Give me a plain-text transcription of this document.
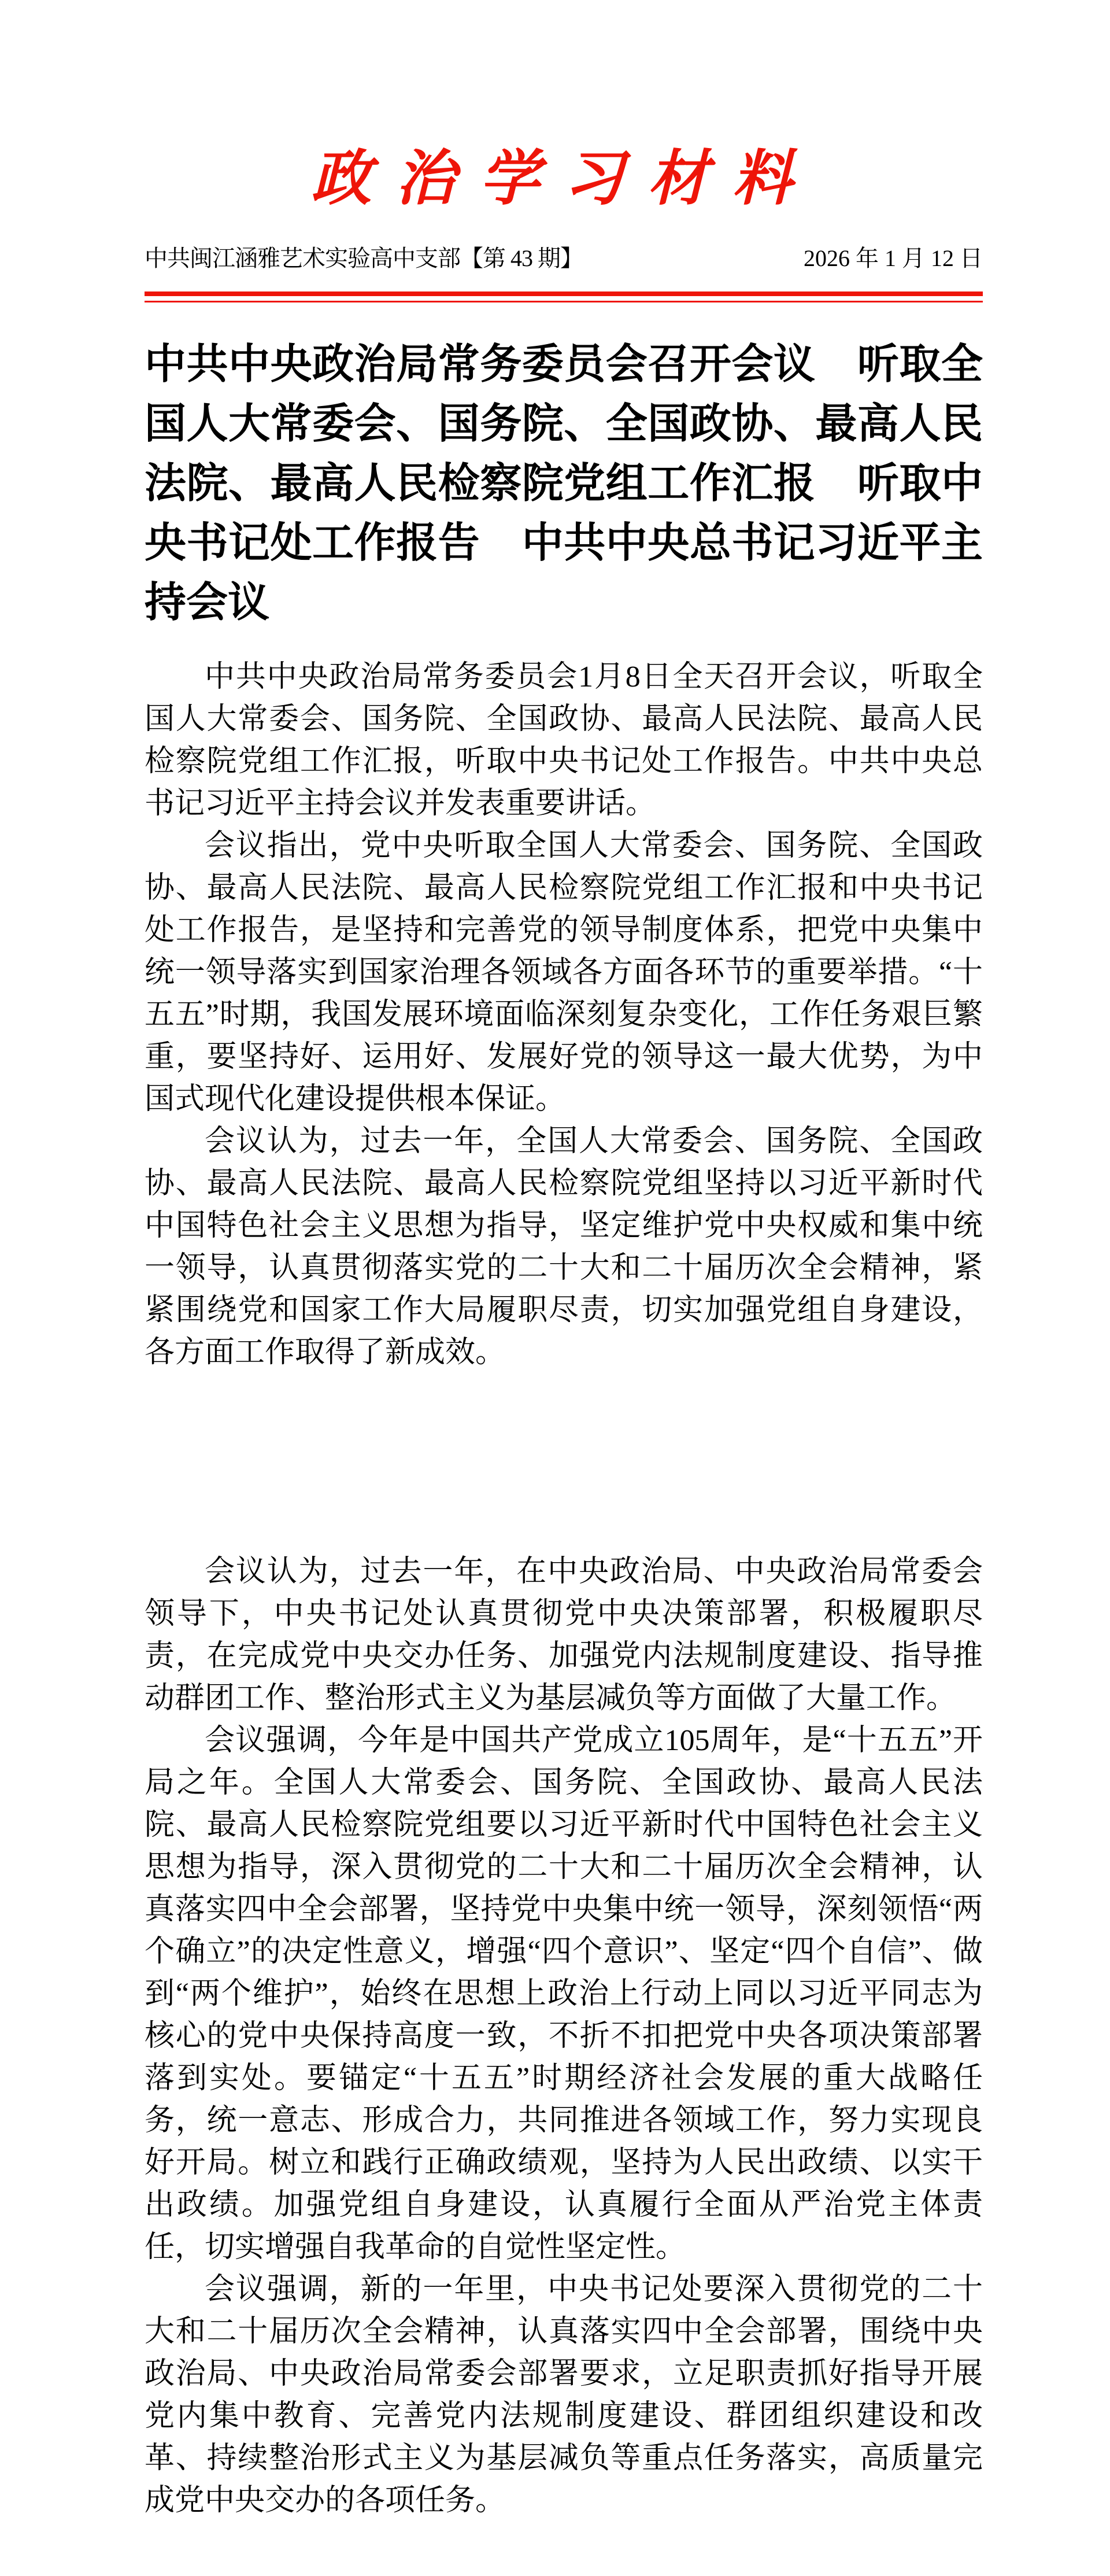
政治学习材料
中共闽江涵雅艺术实验高中支部【第 43 期】	2026 年 1 月 12 日
中共中央政治局常务委员会召开会议　听取全国人大常委会、国务院、全国政协、最高人民法院、最高人民检察院党组工作汇报　听取中央书记处工作报告　中共中央总书记习近平主持会议

中共中央政治局常务委员会1月8日全天召开会议，听取全国人大常委会、国务院、全国政协、最高人民法院、最高人民检察院党组工作汇报，听取中央书记处工作报告。中共中央总书记习近平主持会议并发表重要讲话。

会议指出，党中央听取全国人大常委会、国务院、全国政协、最高人民法院、最高人民检察院党组工作汇报和中央书记处工作报告，是坚持和完善党的领导制度体系，把党中央集中统一领导落实到国家治理各领域各方面各环节的重要举措。“十五五”时期，我国发展环境面临深刻复杂变化，工作任务艰巨繁重，要坚持好、运用好、发展好党的领导这一最大优势，为中国式现代化建设提供根本保证。

会议认为，过去一年，全国人大常委会、国务院、全国政协、最高人民法院、最高人民检察院党组坚持以习近平新时代中国特色社会主义思想为指导，坚定维护党中央权威和集中统一领导，认真贯彻落实党的二十大和二十届历次全会精神，紧紧围绕党和国家工作大局履职尽责，切实加强党组自身建设，各方面工作取得了新成效。

会议认为，过去一年，在中央政治局、中央政治局常委会领导下，中央书记处认真贯彻党中央决策部署，积极履职尽责，在完成党中央交办任务、加强党内法规制度建设、指导推动群团工作、整治形式主义为基层减负等方面做了大量工作。

会议强调，今年是中国共产党成立105周年，是“十五五”开局之年。全国人大常委会、国务院、全国政协、最高人民法院、最高人民检察院党组要以习近平新时代中国特色社会主义思想为指导，深入贯彻党的二十大和二十届历次全会精神，认真落实四中全会部署，坚持党中央集中统一领导，深刻领悟“两个确立”的决定性意义，增强“四个意识”、坚定“四个自信”、做到“两个维护”，始终在思想上政治上行动上同以习近平同志为核心的党中央保持高度一致，不折不扣把党中央各项决策部署落到实处。要锚定“十五五”时期经济社会发展的重大战略任务，统一意志、形成合力，共同推进各领域工作，努力实现良好开局。树立和践行正确政绩观，坚持为人民出政绩、以实干出政绩。加强党组自身建设，认真履行全面从严治党主体责任，切实增强自我革命的自觉性坚定性。

会议强调，新的一年里，中央书记处要深入贯彻党的二十大和二十届历次全会精神，认真落实四中全会部署，围绕中央政治局、中央政治局常委会部署要求，立足职责抓好指导开展党内集中教育、完善党内法规制度建设、群团组织建设和改革、持续整治形式主义为基层减负等重点任务落实，高质量完成党中央交办的各项任务。
